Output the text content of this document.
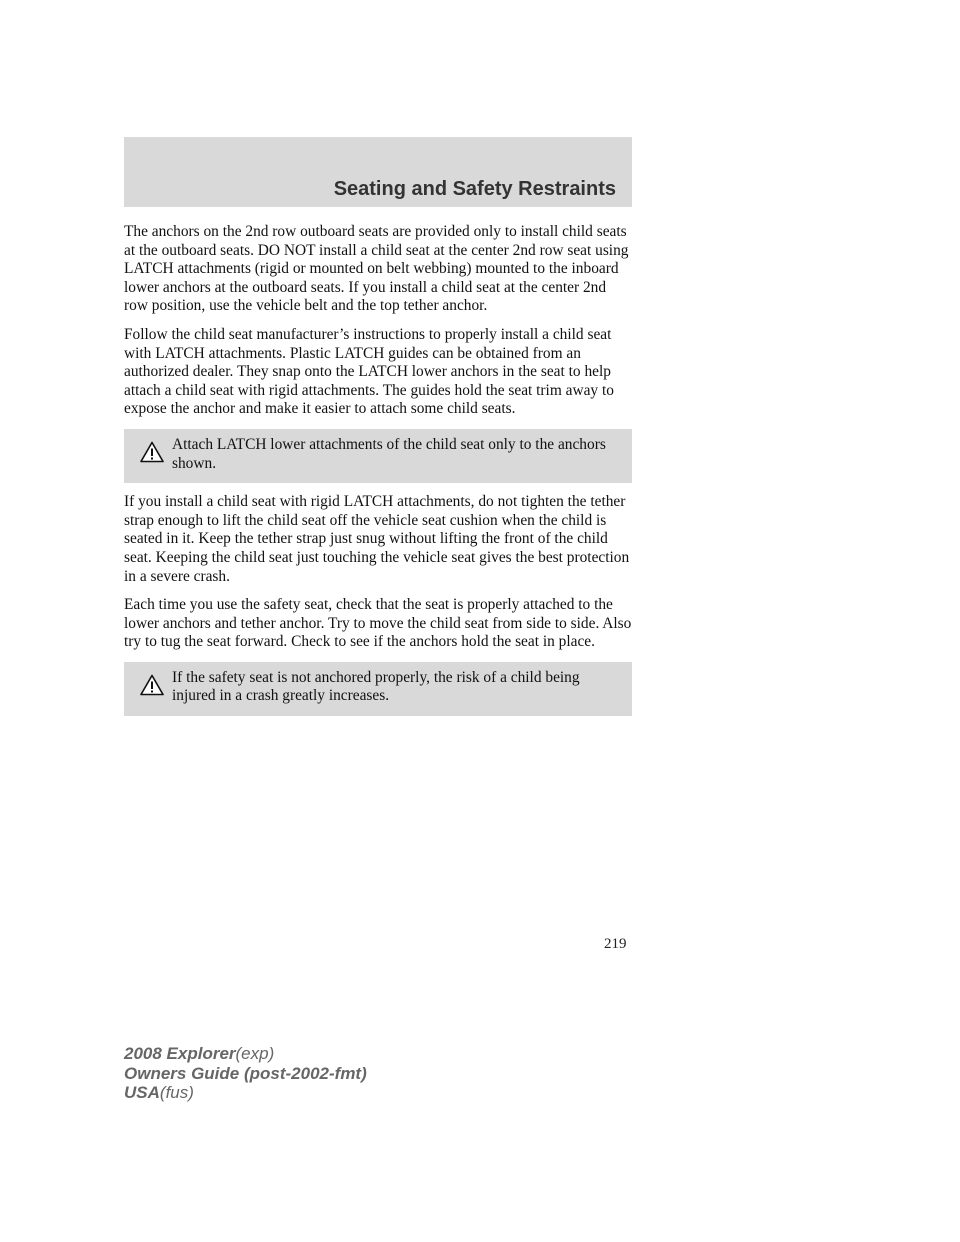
Seating and Safety Restraints

The anchors on the 2nd row outboard seats are provided only to install child seats at the outboard seats. DO NOT install a child seat at the center 2nd row seat using LATCH attachments (rigid or mounted on belt webbing) mounted to the inboard lower anchors at the outboard seats. If you install a child seat at the center 2nd row position, use the vehicle belt and the top tether anchor.

Follow the child seat manufacturer’s instructions to properly install a child seat with LATCH attachments. Plastic LATCH guides can be obtained from an authorized dealer. They snap onto the LATCH lower anchors in the seat to help attach a child seat with rigid attachments. The guides hold the seat trim away to expose the anchor and make it easier to attach some child seats.

Attach LATCH lower attachments of the child seat only to the anchors shown.

If you install a child seat with rigid LATCH attachments, do not tighten the tether strap enough to lift the child seat off the vehicle seat cushion when the child is seated in it. Keep the tether strap just snug without lifting the front of the child seat. Keeping the child seat just touching the vehicle seat gives the best protection in a severe crash.

Each time you use the safety seat, check that the seat is properly attached to the lower anchors and tether anchor. Try to move the child seat from side to side. Also try to tug the seat forward. Check to see if the anchors hold the seat in place.

If the safety seat is not anchored properly, the risk of a child being injured in a crash greatly increases.
219
2008 Explorer(exp)
Owners Guide (post-2002-fmt)
USA(fus)
